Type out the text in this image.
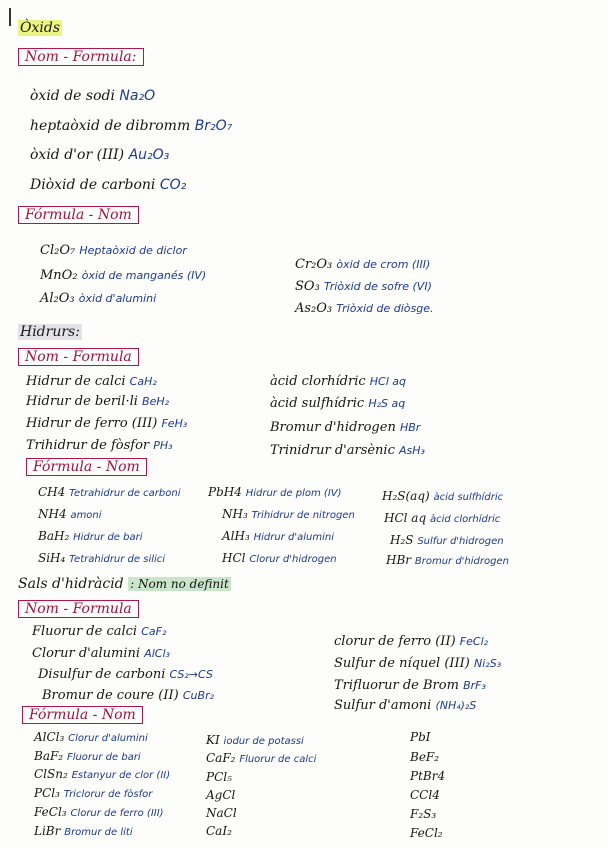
Òxids
Nom - Formula:
òxid de sodi Na₂O
heptaòxid de dibromm Br₂O₇
òxid d'or (III) Au₂O₃
Diòxid de carboni CO₂
Fórmula - Nom
Cl₂O₇ Heptaòxid de diclor
MnO₂ òxid de manganés (IV)
Al₂O₃ òxid d'alumini
Cr₂O₃ òxid de crom (III)
SO₃ Triòxid de sofre (VI)
As₂O₃ Triòxid de diòsge.
Hidrurs:
Nom - Formula
Hidrur de calci CaH₂
Hidrur de beril·li BeH₂
Hidrur de ferro (III) FeH₃
Trihidrur de fòsfor PH₃
àcid clorhídric HCl aq
àcid sulfhídric H₂S aq
Bromur d'hidrogen HBr
Trinidrur d'arsènic AsH₃
Fórmula - Nom
CH4 Tetrahidrur de carboni
NH4 amoni
BaH₂ Hidrur de bari
SiH₄ Tetrahidrur de silici
PbH4 Hidrur de plom (IV)
NH₃ Trihidrur de nitrogen
AlH₃ Hidrur d'alumini
HCl Clorur d'hidrogen
H₂S(aq) àcid sulfhídric
HCl aq àcid clorhídric
H₂S Sulfur d'hidrogen
HBr Bromur d'hidrogen
Sals d'hidràcid : Nom no definit
Nom - Formula
Fluorur de calci CaF₂
Clorur d'alumini AlCl₃
Disulfur de carboni CS₂→CS
Bromur de coure (II) CuBr₂
clorur de ferro (II) FeCl₂
Sulfur de níquel (III) Ni₂S₃
Trifluorur de Brom BrF₃
Sulfur d'amoni (NH₄)₂S
Fórmula - Nom
AlCl₃ Clorur d'alumini
BaF₂ Fluorur de bari
ClSn₂ Estanyur de clor (II)
PCl₃ Triclorur de fòsfor
FeCl₃ Clorur de ferro (III)
LiBr Bromur de liti
KI iodur de potassi
CaF₂ Fluorur de calci
PCl₅
AgCl
NaCl
CaI₂
PbI
BeF₂
PtBr4
CCl4
F₂S₃
FeCl₂
